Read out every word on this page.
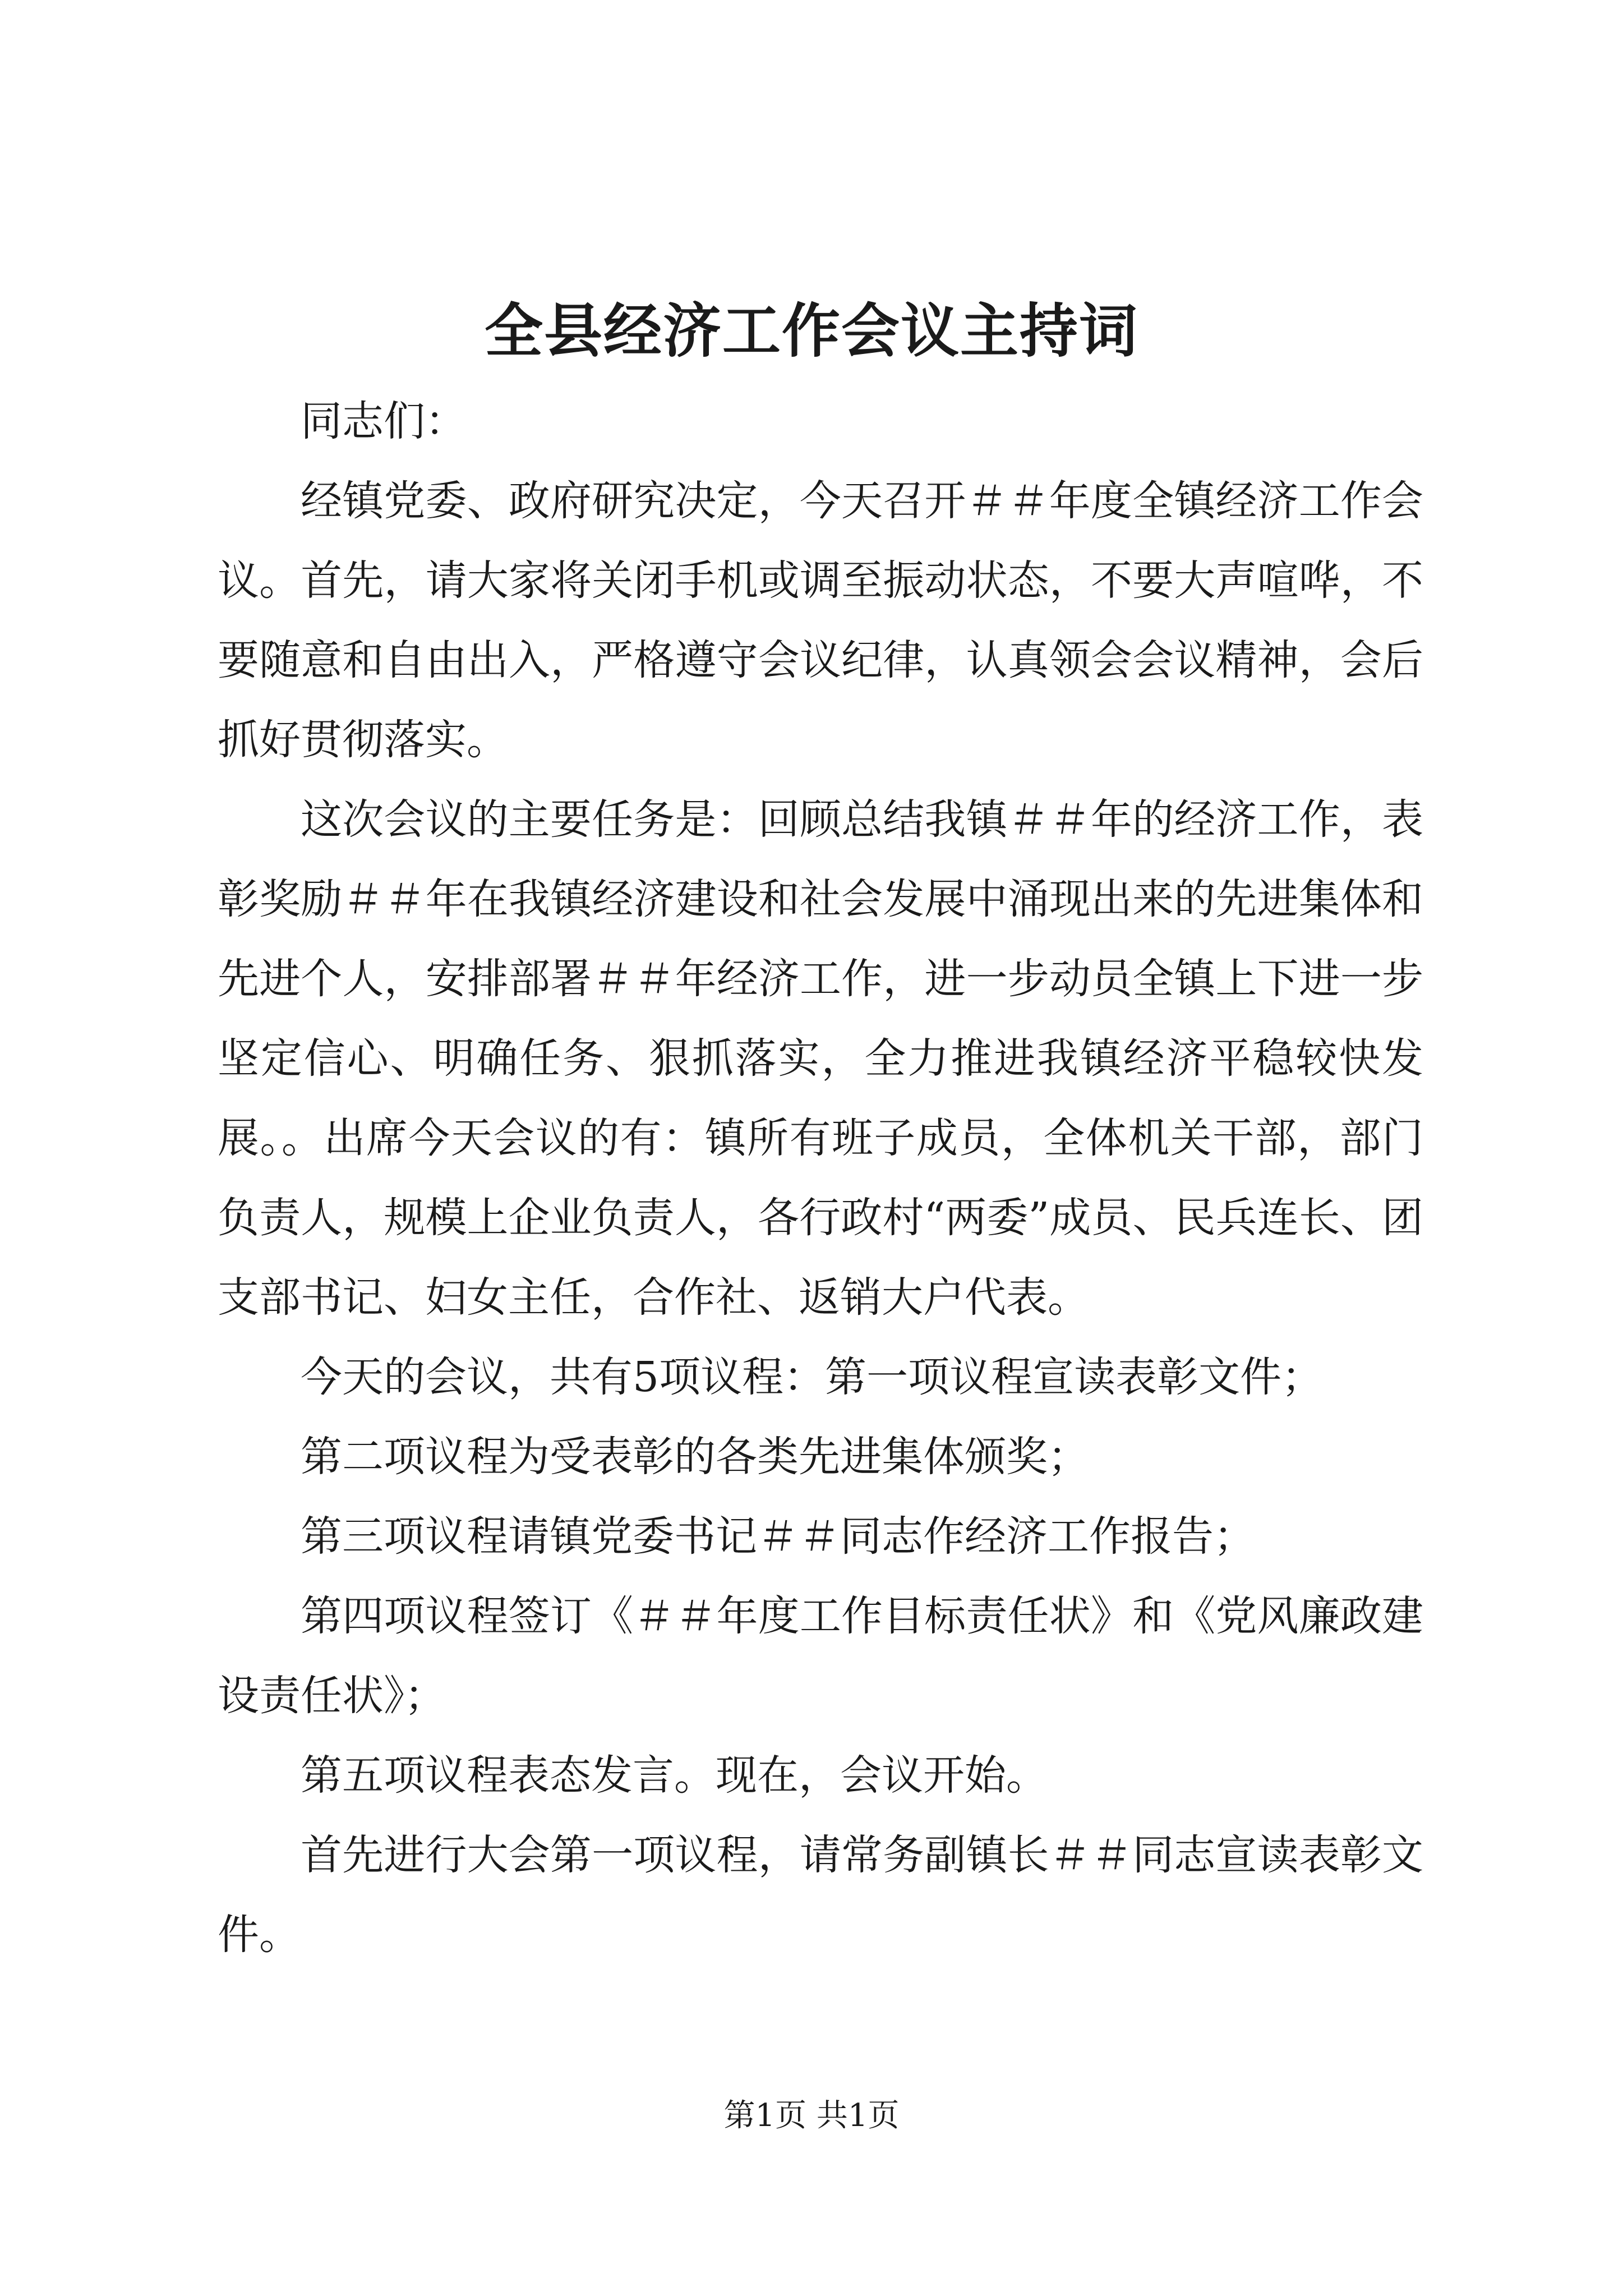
全县经济工作会议主持词

同志们：

经镇党委、政府研究决定，今天召开＃＃年度全镇经济工作会议。首先，请大家将关闭手机或调至振动状态，不要大声喧哗，不要随意和自由出入，严格遵守会议纪律，认真领会会议精神，会后抓好贯彻落实。

这次会议的主要任务是：回顾总结我镇＃＃年的经济工作，表彰奖励＃＃年在我镇经济建设和社会发展中涌现出来的先进集体和先进个人，安排部署＃＃年经济工作，进一步动员全镇上下进一步坚定信心、明确任务、狠抓落实，全力推进我镇经济平稳较快发展。。出席今天会议的有：镇所有班子成员，全体机关干部，部门负责人，规模上企业负责人，各行政村“两委”成员、民兵连长、团支部书记、妇女主任，合作社、返销大户代表。

今天的会议，共有5项议程：第一项议程宣读表彰文件；

第二项议程为受表彰的各类先进集体颁奖；

第三项议程请镇党委书记＃＃同志作经济工作报告；

第四项议程签订《＃＃年度工作目标责任状》和《党风廉政建设责任状》；

第五项议程表态发言。现在，会议开始。

首先进行大会第一项议程，请常务副镇长＃＃同志宣读表彰文件。

第1页 共1页
